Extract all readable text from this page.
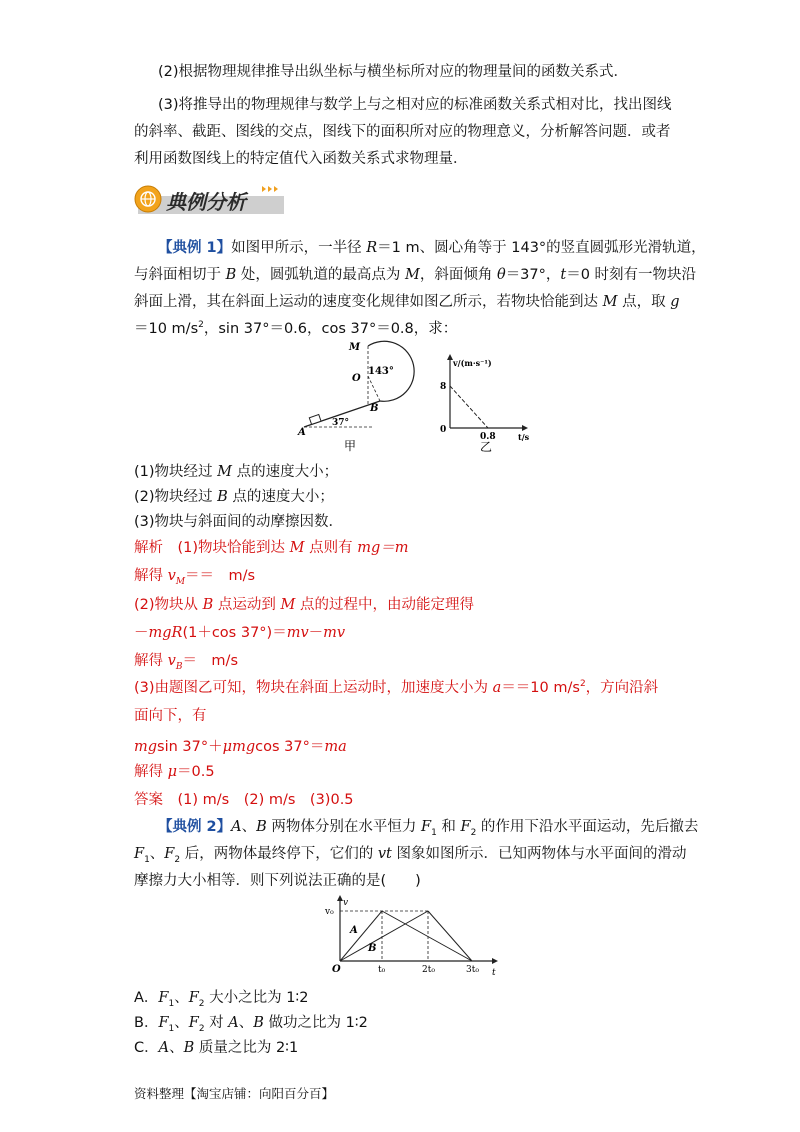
(2)根据物理规律推导出纵坐标与横坐标所对应的物理量间的函数关系式．
(3)将推导出的物理规律与数学上与之相对应的标准函数关系式相对比，找出图线
的斜率、截距、图线的交点，图线下的面积所对应的物理意义，分析解答问题．或者
利用函数图线上的特定值代入函数关系式求物理量．
典例分析
【典例 1】如图甲所示，一半径 R＝1 m、圆心角等于 143°的竖直圆弧形光滑轨道，
与斜面相切于 B 处，圆弧轨道的最高点为 M，斜面倾角 θ＝37°，t＝0 时刻有一物块沿
斜面上滑，其在斜面上运动的速度变化规律如图乙所示，若物块恰能到达 M 点，取 g
＝10 $m/s^2$，sin 37°＝0.6，cos 37°＝0.8，求：
M
O
143°
B
A
37°
甲
v/(m·s⁻¹)
8
0
0.8	t/s
乙
(1)物块经过 M 点的速度大小；
(2)物块经过 B 点的速度大小；
(3)物块与斜面间的动摩擦因数．
解析　(1)物块恰能到达 M 点则有 mg＝m
解得 $v_M==$　m/s
(2)物块从 B 点运动到 M 点的过程中，由动能定理得
－mgR(1＋cos 37°)＝mv－mv
解得 $v_B=$　m/s
(3)由题图乙可知，物块在斜面上运动时，加速度大小为 a＝＝10 $m/s^2$，方向沿斜
面向下，有
mgsin 37°＋μmgcos 37°＝ma
解得 μ＝0.5
答案　(1) m/s　(2) m/s　(3)0.5
【典例 2】A、B 两物体分别在水平恒力 $F_1$ 和 $F_2$ 的作用下沿水平面运动，先后撤去
$F_1$、$F_2$ 后，两物体最终停下，它们的 vt 图象如图所示．已知两物体与水平面间的滑动
摩擦力大小相等．则下列说法正确的是(　　)
v
v₀
A
B
O	t₀	2t₀	3t₀ t
A．$F_1$、$F_2$ 大小之比为 1∶2
B．$F_1$、$F_2$ 对 A、B 做功之比为 1∶2
C．A、B 质量之比为 2∶1
资料整理【淘宝店铺：向阳百分百】
